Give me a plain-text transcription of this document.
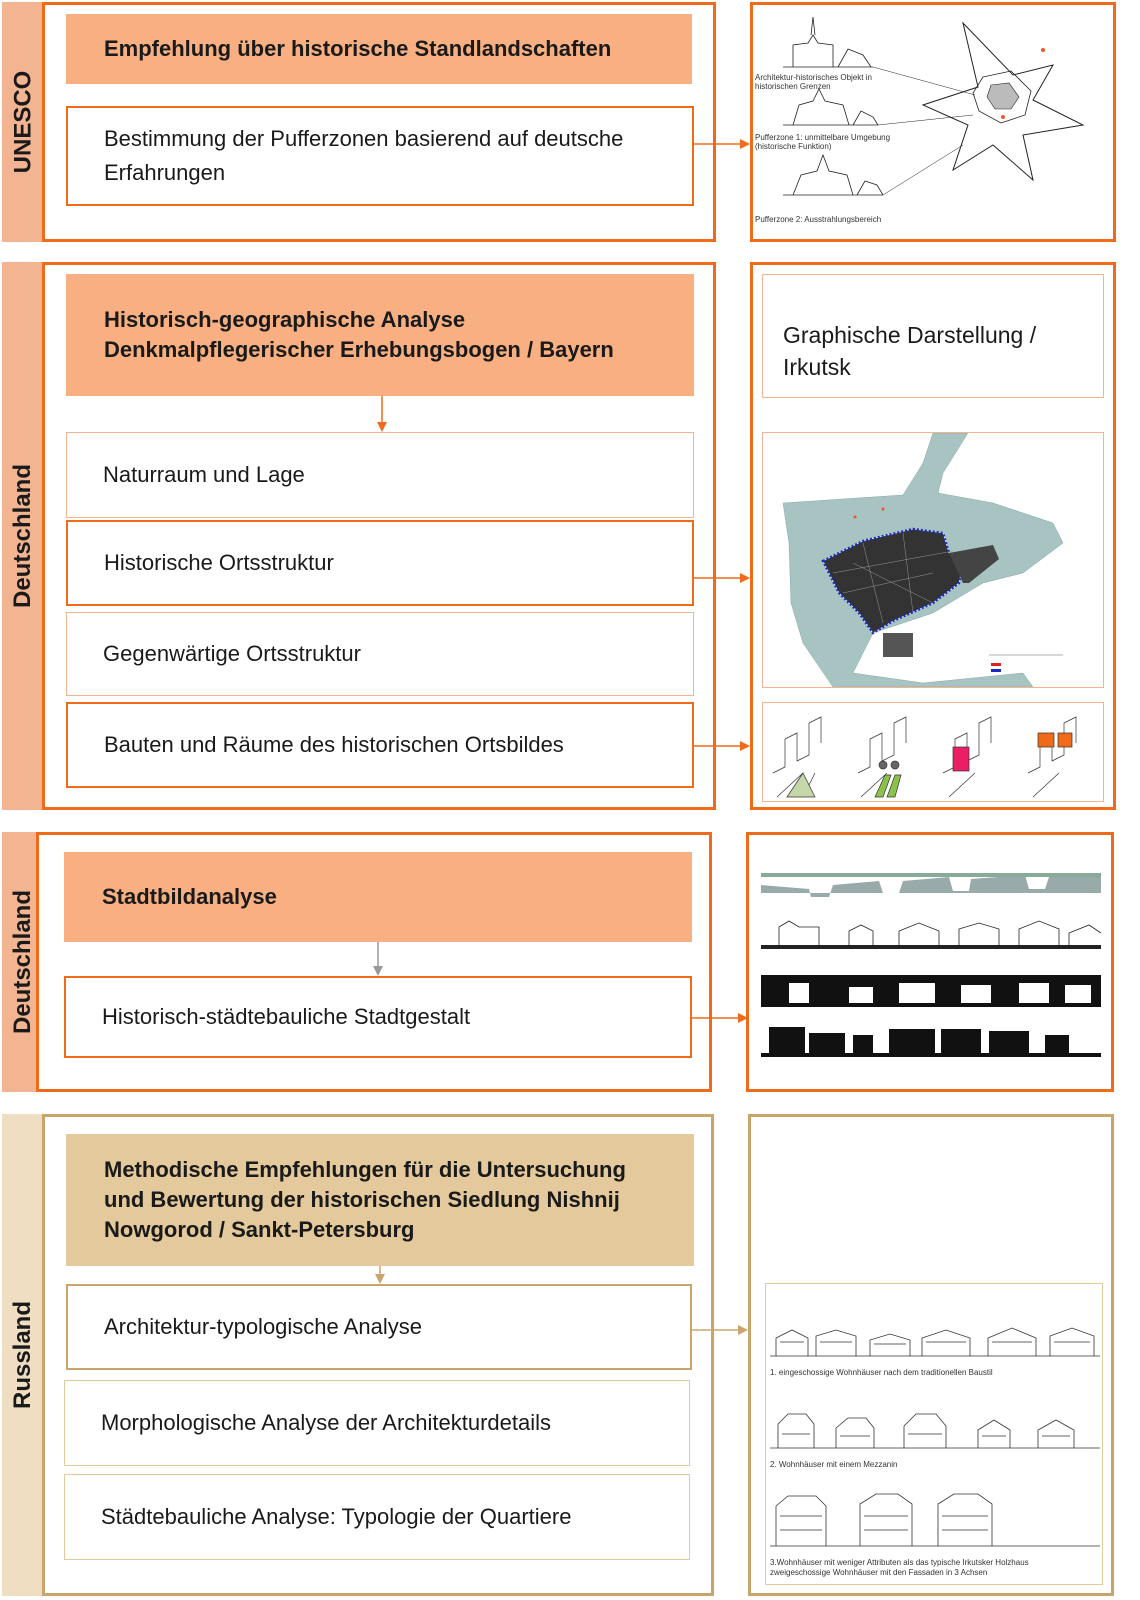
UNESCO
Empfehlung über historische Standlandschaften
Bestimmung der Pufferzonen basierend auf deutsche Erfahrungen
Architektur-historisches Objekt in historischen Grenzen
Pufferzone 1: unmittelbare Umgebung (historische Funktion)
Pufferzone 2: Ausstrahlungsbereich
Deutschland
Historisch-geographische Analyse Denkmalpflegerischer Erhebungsbogen / Bayern
Naturraum und Lage
Historische Ortsstruktur
Gegenwärtige Ortsstruktur
Bauten und Räume des historischen Ortsbildes
Graphische Darstellung / Irkutsk
Deutschland	Stadtbildanalyse
Historisch-städtebauliche Stadtgestalt
Russland
Methodische Empfehlungen für die Untersuchung und Bewertung der historischen Siedlung Nishnij Nowgorod / Sankt-Petersburg
Architektur-typologische Analyse
Morphologische Analyse der Architekturdetails
Städtebauliche Analyse: Typologie der Quartiere
1. eingeschossige Wohnhäuser nach dem traditionellen Baustil
2. Wohnhäuser mit einem Mezzanin
3.Wohnhäuser mit weniger Attributen als das typische Irkutsker Holzhaus
zweigeschossige Wohnhäuser mit den Fassaden in 3 Achsen
